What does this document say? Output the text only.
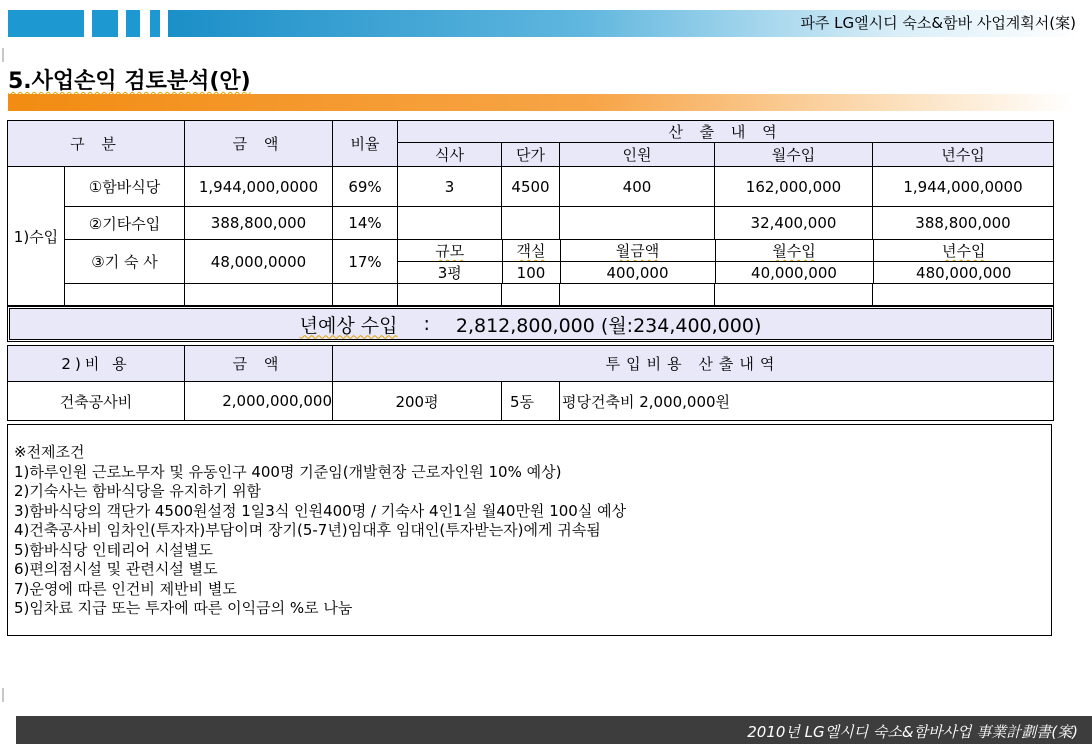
파주 LG엘시디 숙소&함바 사업계획서(案)
5.사업손익 검토분석(안)
구 분	금 액	비율	산 출 내 역
식사	단가	인원	월수입	년수입
1)수입	①함바식당	1,944,000,0000	69%	3	4500	400	162,000,000	1,944,000,0000
②기타수입	388,800,000	14%				32,400,000	388,800,000
③기 숙 사	48,000,0000	17%	
규모	객실	월금액	월수입	년수입
3평	100	400,000	40,000,000	480,000,000

년예상 수입 : 2,812,800,000 (월:234,400,000)
2)비 용	금 액	투입비용 산출내역		
건축공사비	2,000,000,000	200평	5동	평당건축비 2,000,000원
※전제조건
1)하루인원 근로노무자 및 유동인구 400명 기준임(개발현장 근로자인원 10% 예상)
2)기숙사는 함바식당을 유지하기 위함
3)함바식당의 객단가 4500원설정 1일3식 인원400명 / 기숙사 4인1실 월40만원 100실 예상
4)건축공사비 임차인(투자자)부담이며 장기(5-7년)임대후 임대인(투자받는자)에게 귀속됨
5)함바식당 인테리어 시설별도
6)편의점시설 및 관련시설 별도
7)운영에 따른 인건비 제반비 별도
5)임차료 지급 또는 투자에 따른 이익금의 %로 나눔
2010년 LG엘시디 숙소&함바사업 事業計劃書(案)
